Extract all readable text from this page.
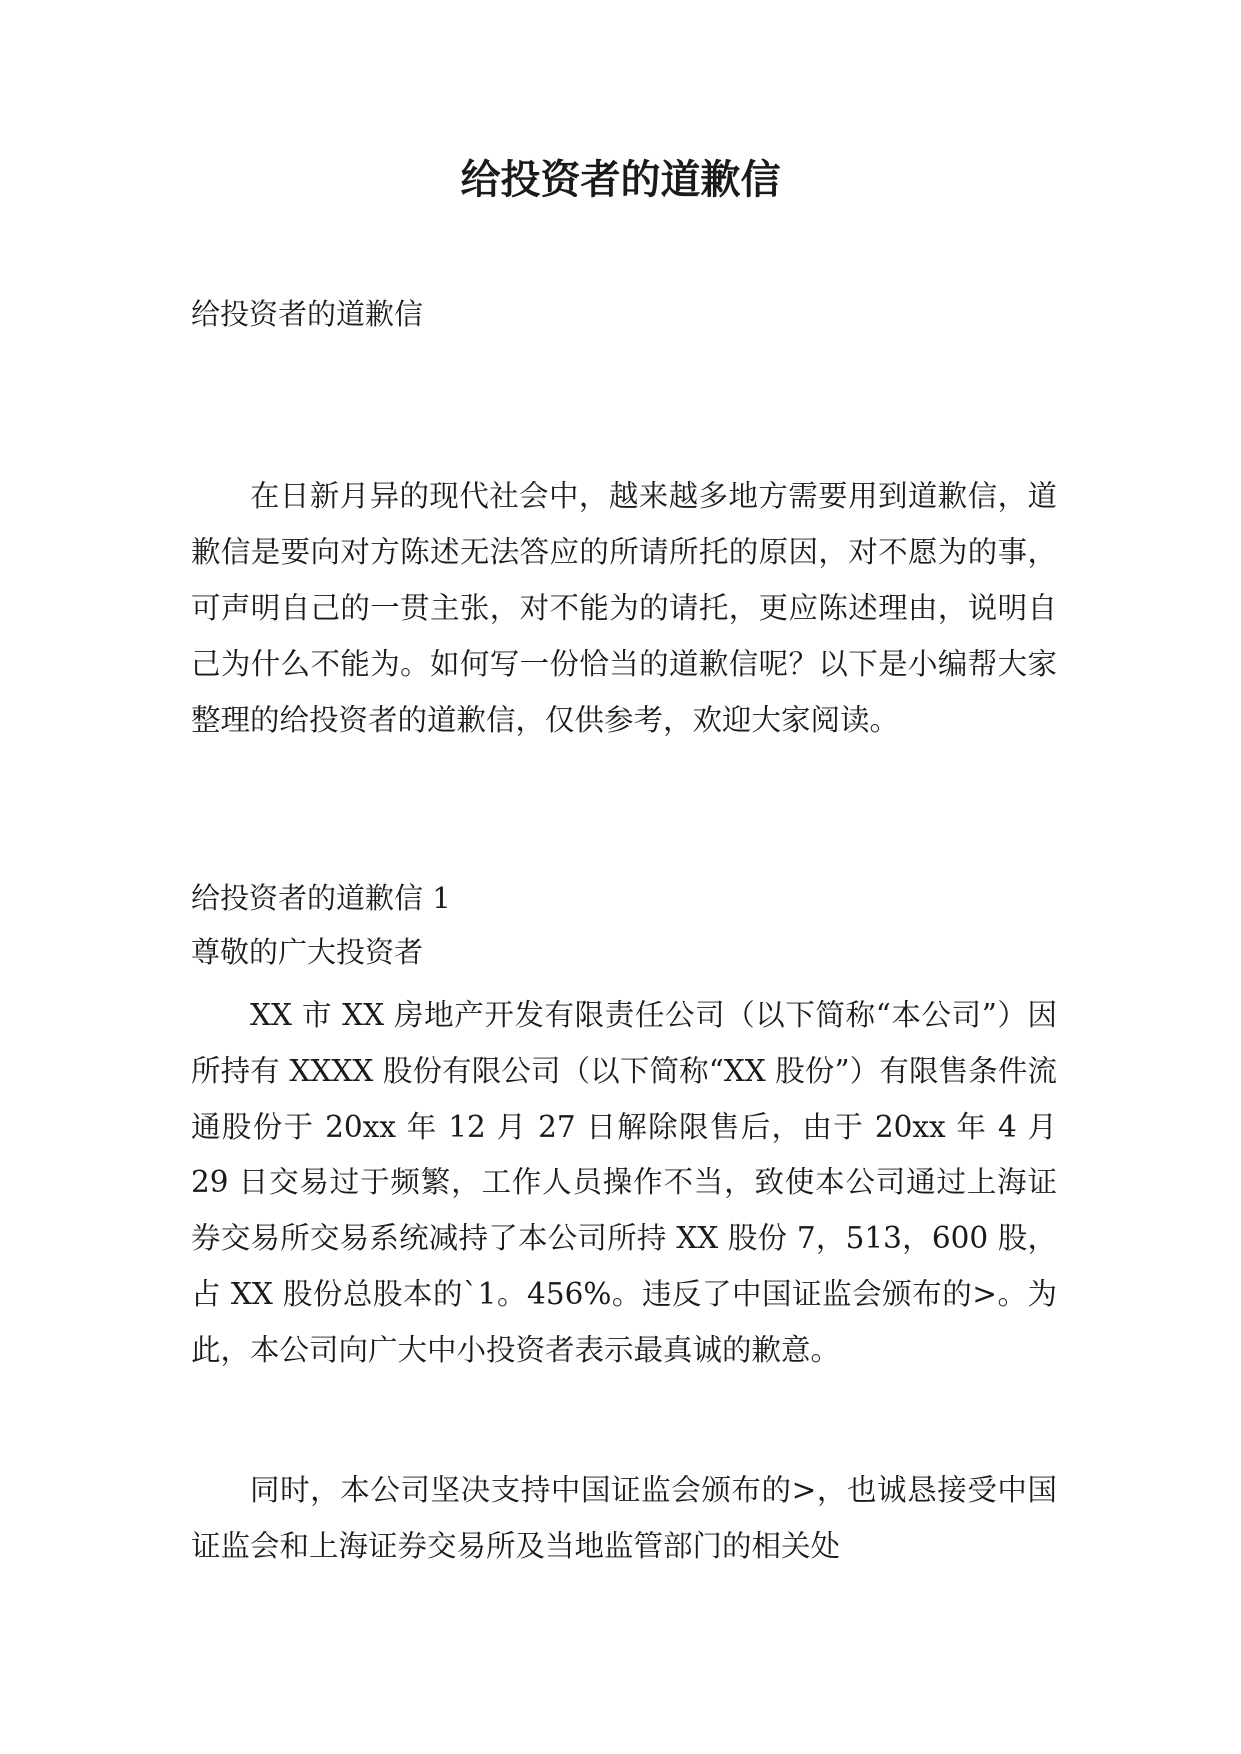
给投资者的道歉信

给投资者的道歉信

在日新月异的现代社会中，越来越多地方需要用到道歉信，道歉信是要向对方陈述无法答应的所请所托的原因，对不愿为的事，可声明自己的一贯主张，对不能为的请托，更应陈述理由，说明自己为什么不能为。如何写一份恰当的道歉信呢？以下是小编帮大家整理的给投资者的道歉信，仅供参考，欢迎大家阅读。

给投资者的道歉信 1

尊敬的广大投资者

XX 市 XX 房地产开发有限责任公司（以下简称“本公司”）因所持有 XXXX 股份有限公司（以下简称“XX 股份”）有限售条件流通股份于 20xx 年 12 月 27 日解除限售后，由于 20xx 年 4 月 29 日交易过于频繁，工作人员操作不当，致使本公司通过上海证券交易所交易系统减持了本公司所持 XX 股份 7，513，600 股，占 XX 股份总股本的`1。456%。违反了中国证监会颁布的>。为此，本公司向广大中小投资者表示最真诚的歉意。

同时，本公司坚决支持中国证监会颁布的>，也诚恳接受中国证监会和上海证券交易所及当地监管部门的相关处
